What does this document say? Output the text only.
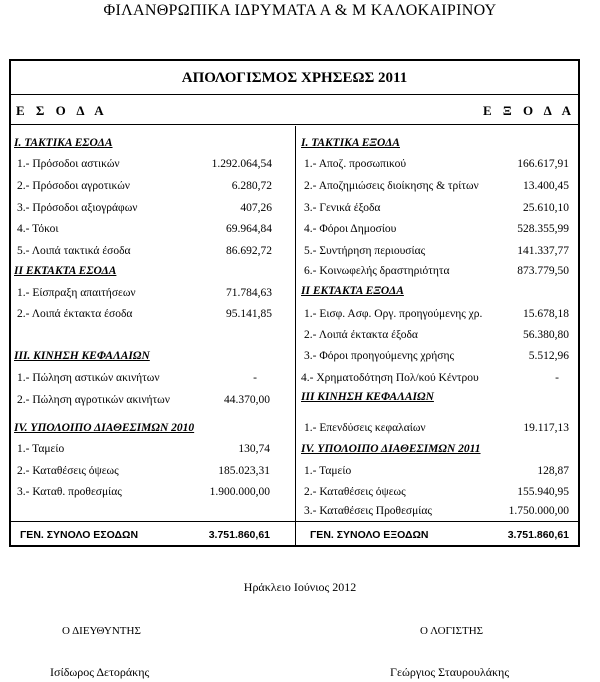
ΦΙΛΑΝΘΡΩΠΙΚΑ ΙΔΡΥΜΑΤΑ Α & Μ ΚΑΛΟΚΑΙΡΙΝΟΥ
ΑΠΟΛΟΓΙΣΜΟΣ ΧΡΗΣΕΩΣ 2011
Ε Σ Ο Δ Α	Ε Ξ Ο Δ Α
Ι. ΤΑΚΤΙΚΑ ΕΣΟΔΑ
1.- Πρόσοδοι αστικών	1.292.064,54
2.- Πρόσοδοι αγροτικών	6.280,72
3.- Πρόσοδοι αξιογράφων	407,26
4.- Τόκοι	69.964,84
5.- Λοιπά τακτικά έσοδα	86.692,72
ΙΙ ΕΚΤΑΚΤΑ ΕΣΟΔΑ
1.- Είσπραξη απαιτήσεων	71.784,63
2.- Λοιπά έκτακτα έσοδα	95.141,85
ΙΙΙ. ΚΙΝΗΣΗ ΚΕΦΑΛΑΙΩΝ
1.- Πώληση αστικών ακινήτων	-
2.- Πώληση αγροτικών ακινήτων	44.370,00
IV. ΥΠΟΛΟΙΠΟ ΔΙΑΘΕΣΙΜΩΝ 2010
1.- Ταμείο	130,74
2.- Καταθέσεις όψεως	185.023,31
3.- Καταθ. προθεσμίας	1.900.000,00
ΓΕΝ. ΣΥΝΟΛΟ ΕΣΟΔΩΝ	3.751.860,61
Ι. ΤΑΚΤΙΚΑ ΕΞΟΔΑ
1.- Αποζ. προσωπικού	166.617,91
2.- Αποζημιώσεις διοίκησης & τρίτων	13.400,45
3.- Γενικά έξοδα	25.610,10
4.- Φόροι Δημοσίου	528.355,99
5.- Συντήρηση περιουσίας	141.337,77
6.- Κοινωφελής δραστηριότητα	873.779,50
ΙΙ ΕΚΤΑΚΤΑ ΕΞΟΔΑ
1.- Εισφ. Ασφ. Οργ. προηγούμενης χρ.	15.678,18
2.- Λοιπά έκτακτα έξοδα	56.380,80
3.- Φόροι προηγούμενης χρήσης	5.512,96
4.- Χρηματοδότηση Πολ/κού Κέντρου	-
ΙΙΙ ΚΙΝΗΣΗ ΚΕΦΑΛΑΙΩΝ
1.- Επενδύσεις κεφαλαίων	19.117,13
IV. ΥΠΟΛΟΙΠΟ ΔΙΑΘΕΣΙΜΩΝ 2011
1.- Ταμείο	128,87
2.- Καταθέσεις όψεως	155.940,95
3.- Καταθέσεις Προθεσμίας	1.750.000,00
ΓΕΝ. ΣΥΝΟΛΟ ΕΞΟΔΩΝ	3.751.860,61
Ηράκλειο Ιούνιος 2012
Ο ΔΙΕΥΘΥΝΤΗΣ	Ο ΛΟΓΙΣΤΗΣ
Ισίδωρος Δετοράκης	Γεώργιος Σταυρουλάκης
